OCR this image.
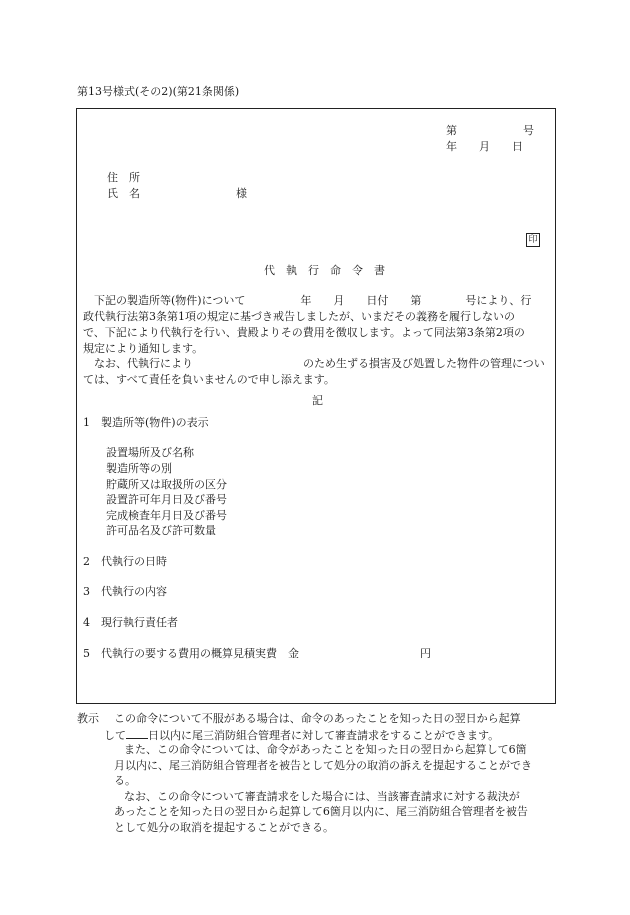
第13号様式(その2)(第21条関係)
第　　　　　　号
年　　月　　日
住　所
氏　名	様
印
代執行命令書
下記の製造所等(物件)について　　　　　年　　月　　日付　　第　　　　号により、行
政代執行法第3条第1項の規定に基づき戒告しましたが、いまだその義務を履行しないの
で、下記により代執行を行い、貴殿よりその費用を徴収します。よって同法第3条第2項の
規定により通知します。
なお、代執行により　　　　　　　　　　のため生ずる損害及び処置した物件の管理につい
ては、すべて責任を負いませんので申し添えます。
記
1　製造所等(物件)の表示
設置場所及び名称
製造所等の別
貯蔵所又は取扱所の区分
設置許可年月日及び番号
完成検査年月日及び番号
許可品名及び許可数量
2　代執行の日時
3　代執行の内容
4　現行執行責任者
5　代執行の要する費用の概算見積実費　金　　　　　　　　　　　円
教示 この命令について不服がある場合は、命令のあったことを知った日の翌日から起算
して 日以内に尾三消防組合管理者に対して審査請求をすることができます。
また、この命令については、命令があったことを知った日の翌日から起算して6箇
月以内に、尾三消防組合管理者を被告として処分の取消の訴えを提起することができ
る。
なお、この命令について審査請求をした場合には、当該審査請求に対する裁決が
あったことを知った日の翌日から起算して6箇月以内に、尾三消防組合管理者を被告
として処分の取消を提起することができる。
